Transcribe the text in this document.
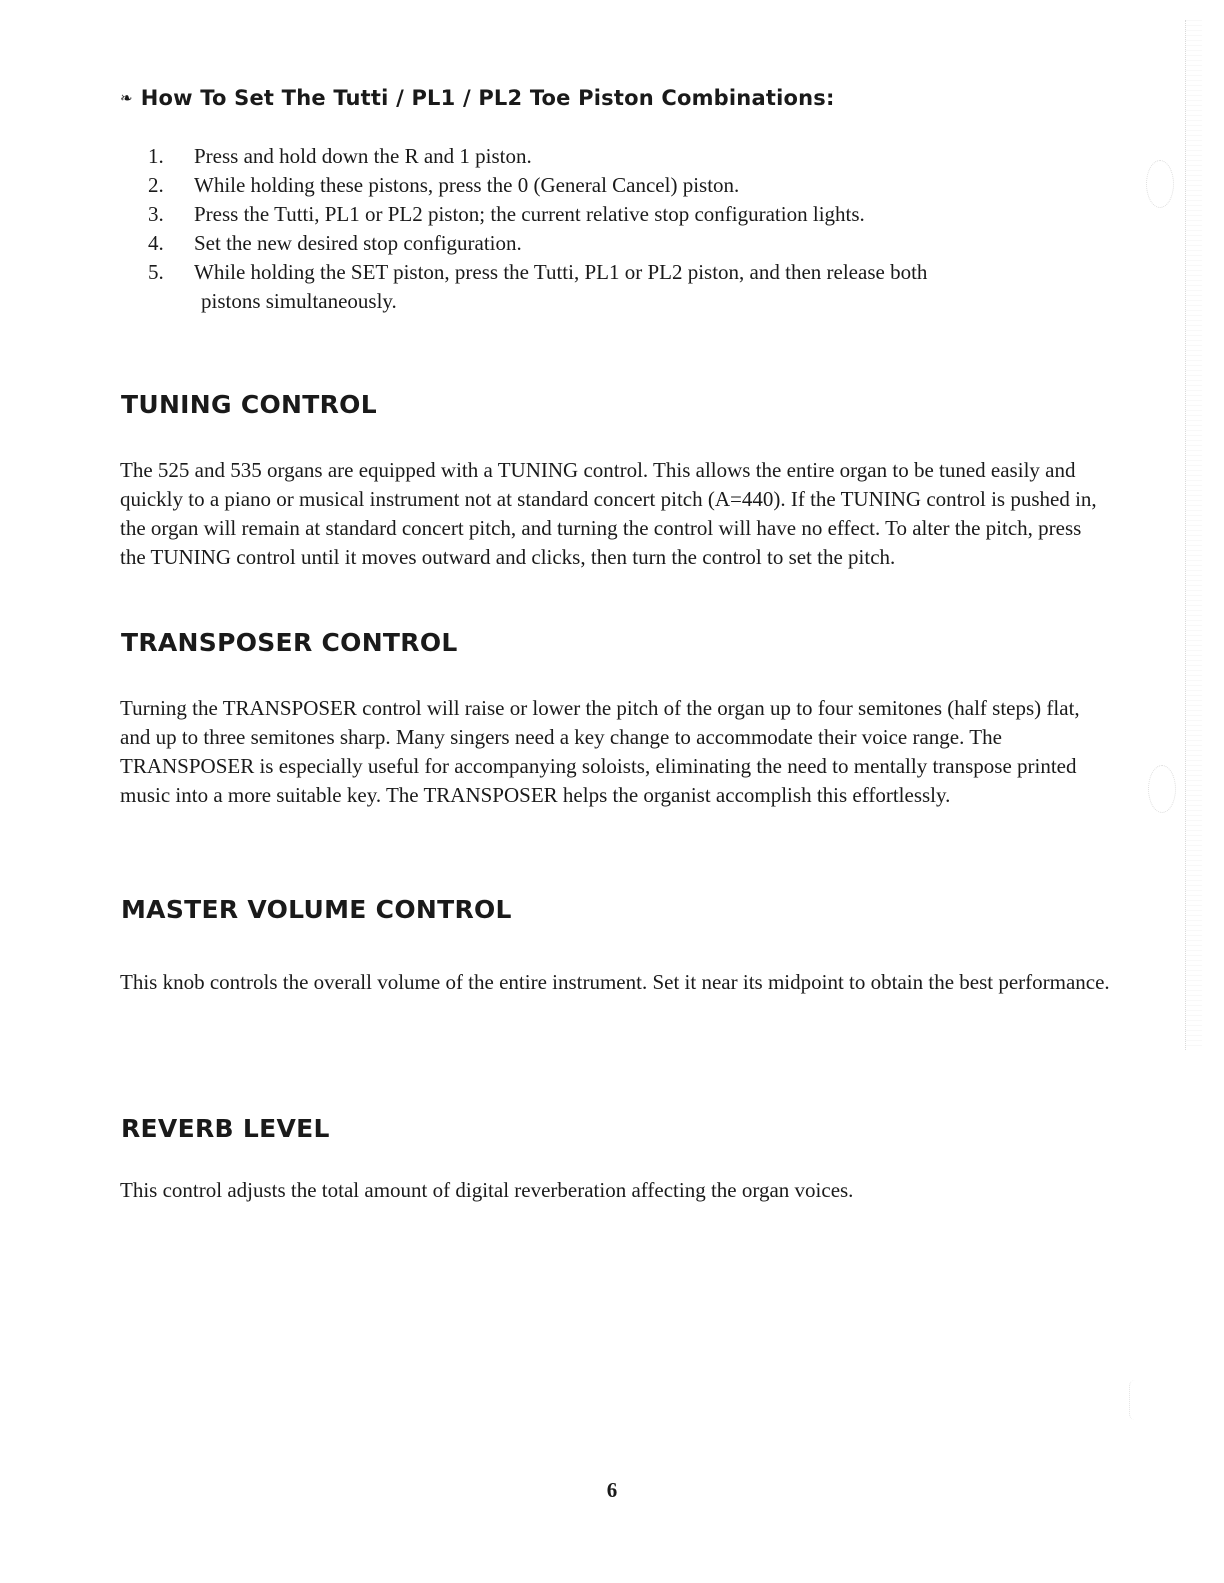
❧ How To Set The Tutti / PL1 / PL2 Toe Piston Combinations:
1. Press and hold down the R and 1 piston.
2. While holding these pistons, press the 0 (General Cancel) piston.
3. Press the Tutti, PL1 or PL2 piston; the current relative stop configuration lights.
4. Set the new desired stop configuration.
5. While holding the SET piston, press the Tutti, PL1 or PL2 piston, and then release both
pistons simultaneously.
TUNING CONTROL

The 525 and 535 organs are equipped with a TUNING control. This allows the entire organ to be tuned easily and quickly to a piano or musical instrument not at standard concert pitch (A=440). If the TUNING control is pushed in, the organ will remain at standard concert pitch, and turning the control will have no effect. To alter the pitch, press the TUNING control until it moves outward and clicks, then turn the control to set the pitch.

TRANSPOSER CONTROL

Turning the TRANSPOSER control will raise or lower the pitch of the organ up to four semitones (half steps) flat, and up to three semitones sharp. Many singers need a key change to accommodate their voice range. The TRANSPOSER is especially useful for accompanying soloists, eliminating the need to mentally transpose printed music into a more suitable key. The TRANSPOSER helps the organist accomplish this effortlessly.

MASTER VOLUME CONTROL

This knob controls the overall volume of the entire instrument. Set it near its midpoint to obtain the best performance.

REVERB LEVEL

This control adjusts the total amount of digital reverberation affecting the organ voices.

6
